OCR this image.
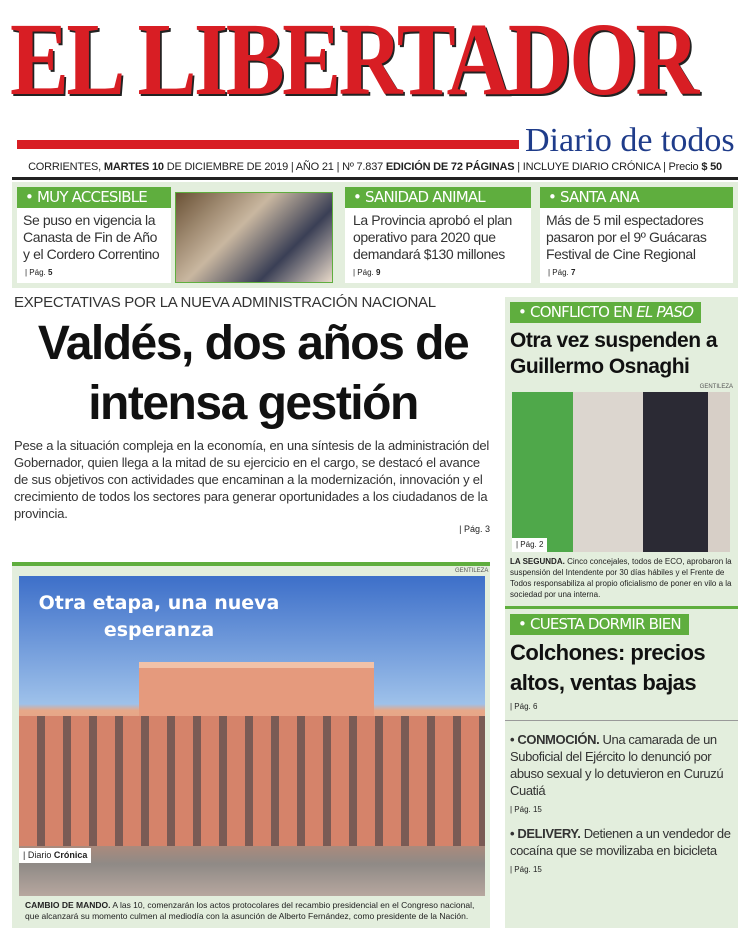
EL LIBERTADOR
Diario de todos
CORRIENTES, MARTES 10 DE DICIEMBRE DE 2019 | AÑO 21 | Nº 7.837 EDICIÓN DE 72 PÁGINAS | INCLUYE DIARIO CRÓNICA | Precio $ 50
• MUY ACCESIBLE
Se puso en vigencia la Canasta de Fin de Año y el Cordero Correntino
| Pág. 5
• SANIDAD ANIMAL
La Provincia aprobó el plan operativo para 2020 que demandará $130 millones
| Pág. 9
• SANTA ANA
Más de 5 mil espectadores pasaron por el 9º Guácaras Festival de Cine Regional
| Pág. 7
EXPECTATIVAS POR LA NUEVA ADMINISTRACIÓN NACIONAL
Valdés, dos años de intensa gestión
Pese a la situación compleja en la economía, en una síntesis de la administración del Gobernador, quien llega a la mitad de su ejercicio en el cargo, se destacó el avance de sus objetivos con actividades que encaminan a la modernización, innovación y el crecimiento de todos los sectores para generar oportunidades a los ciudadanos de la provincia.
| Pág. 3
GENTILEZA
Otra etapa, una nueva esperanza
| Diario Crónica
CAMBIO DE MANDO. A las 10, comenzarán los actos protocolares del recambio presidencial en el Congreso nacional, que alcanzará su momento culmen al mediodía con la asunción de Alberto Fernández, como presidente de la Nación.
• CONFLICTO EN EL PASO
Otra vez suspenden a Guillermo Osnaghi
GENTILEZA
| Pág. 2
LA SEGUNDA. Cinco concejales, todos de ECO, aprobaron la suspensión del Intendente por 30 días hábiles y el Frente de Todos responsabiliza al propio oficialismo de poner en vilo a la sociedad por una interna.
• CUESTA DORMIR BIEN
Colchones: precios altos, ventas bajas
| Pág. 6
• CONMOCIÓN. Una camarada de un Suboficial del Ejército lo denunció por abuso sexual y lo detuvieron en Curuzú Cuatiá
| Pág. 15
• DELIVERY. Detienen a un vendedor de cocaína que se movilizaba en bicicleta
| Pág. 15
